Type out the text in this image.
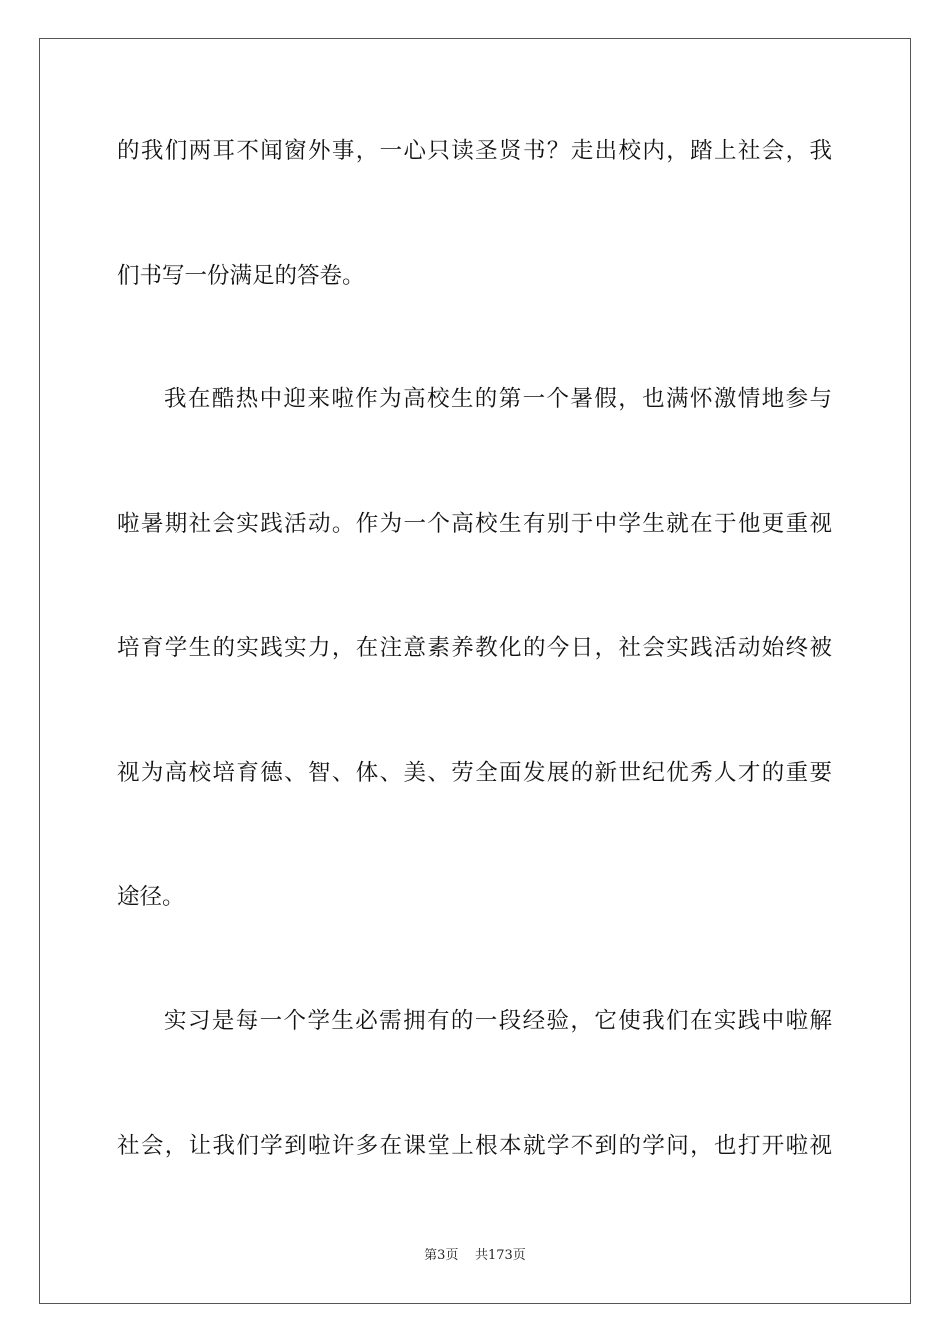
的我们两耳不闻窗外事，一心只读圣贤书？走出校内，踏上社会，我
们书写一份满足的答卷。
我在酷热中迎来啦作为高校生的第一个暑假，也满怀激情地参与
啦暑期社会实践活动。作为一个高校生有别于中学生就在于他更重视
培育学生的实践实力，在注意素养教化的今日，社会实践活动始终被
视为高校培育德、智、体、美、劳全面发展的新世纪优秀人才的重要
途径。
实习是每一个学生必需拥有的一段经验，它使我们在实践中啦解
社会，让我们学到啦许多在课堂上根本就学不到的学问，也打开啦视
第3页 共173页
